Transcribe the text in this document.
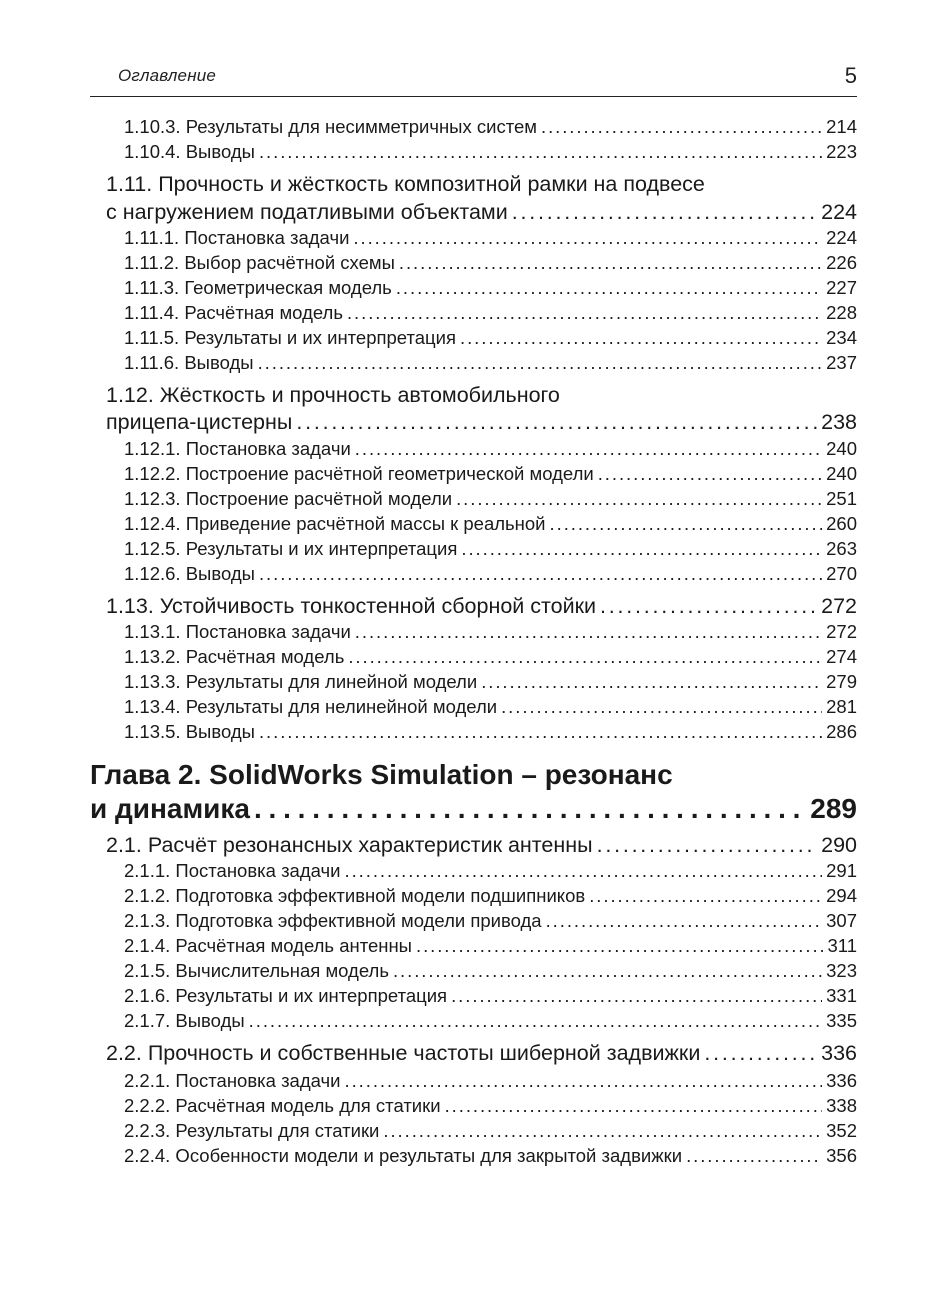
Оглавление	5
1.10.3. Результаты для несимметричных систем . . .	214
1.10.4. Выводы . . .	223
1.11. Прочность и жёсткость композитной рамки на подвесе
с нагружением податливыми объектами . . .	224
1.11.1. Постановка задачи . . .	224
1.11.2. Выбор расчётной схемы . . .	226
1.11.3. Геометрическая модель . . .	227
1.11.4. Расчётная модель . . .	228
1.11.5. Результаты и их интерпретация . . .	234
1.11.6. Выводы . . .	237
1.12. Жёсткость и прочность автомобильного
прицепа-цистерны . . .	238
1.12.1. Постановка задачи . . .	240
1.12.2. Построение расчётной геометрической модели . . .	240
1.12.3. Построение расчётной модели . . .	251
1.12.4. Приведение расчётной массы к реальной . . .	260
1.12.5. Результаты и их интерпретация . . .	263
1.12.6. Выводы . . .	270
1.13. Устойчивость тонкостенной сборной стойки . . .	272
1.13.1. Постановка задачи . . .	272
1.13.2. Расчётная модель . . .	274
1.13.3. Результаты для линейной модели . . .	279
1.13.4. Результаты для нелинейной модели . . .	281
1.13.5. Выводы . . .	286
Глава 2. SolidWorks Simulation – резонанс
и динамика . . .	289
2.1. Расчёт резонансных характеристик антенны . . .	290
2.1.1. Постановка задачи . . .	291
2.1.2. Подготовка эффективной модели подшипников . . .	294
2.1.3. Подготовка эффективной модели привода . . .	307
2.1.4. Расчётная модель антенны . . .	311
2.1.5. Вычислительная модель . . .	323
2.1.6. Результаты и их интерпретация . . .	331
2.1.7. Выводы . . .	335
2.2. Прочность и собственные частоты шиберной задвижки . . .	336
2.2.1. Постановка задачи . . .	336
2.2.2. Расчётная модель для статики . . .	338
2.2.3. Результаты для статики . . .	352
2.2.4. Особенности модели и результаты для закрытой задвижки . . .	356
